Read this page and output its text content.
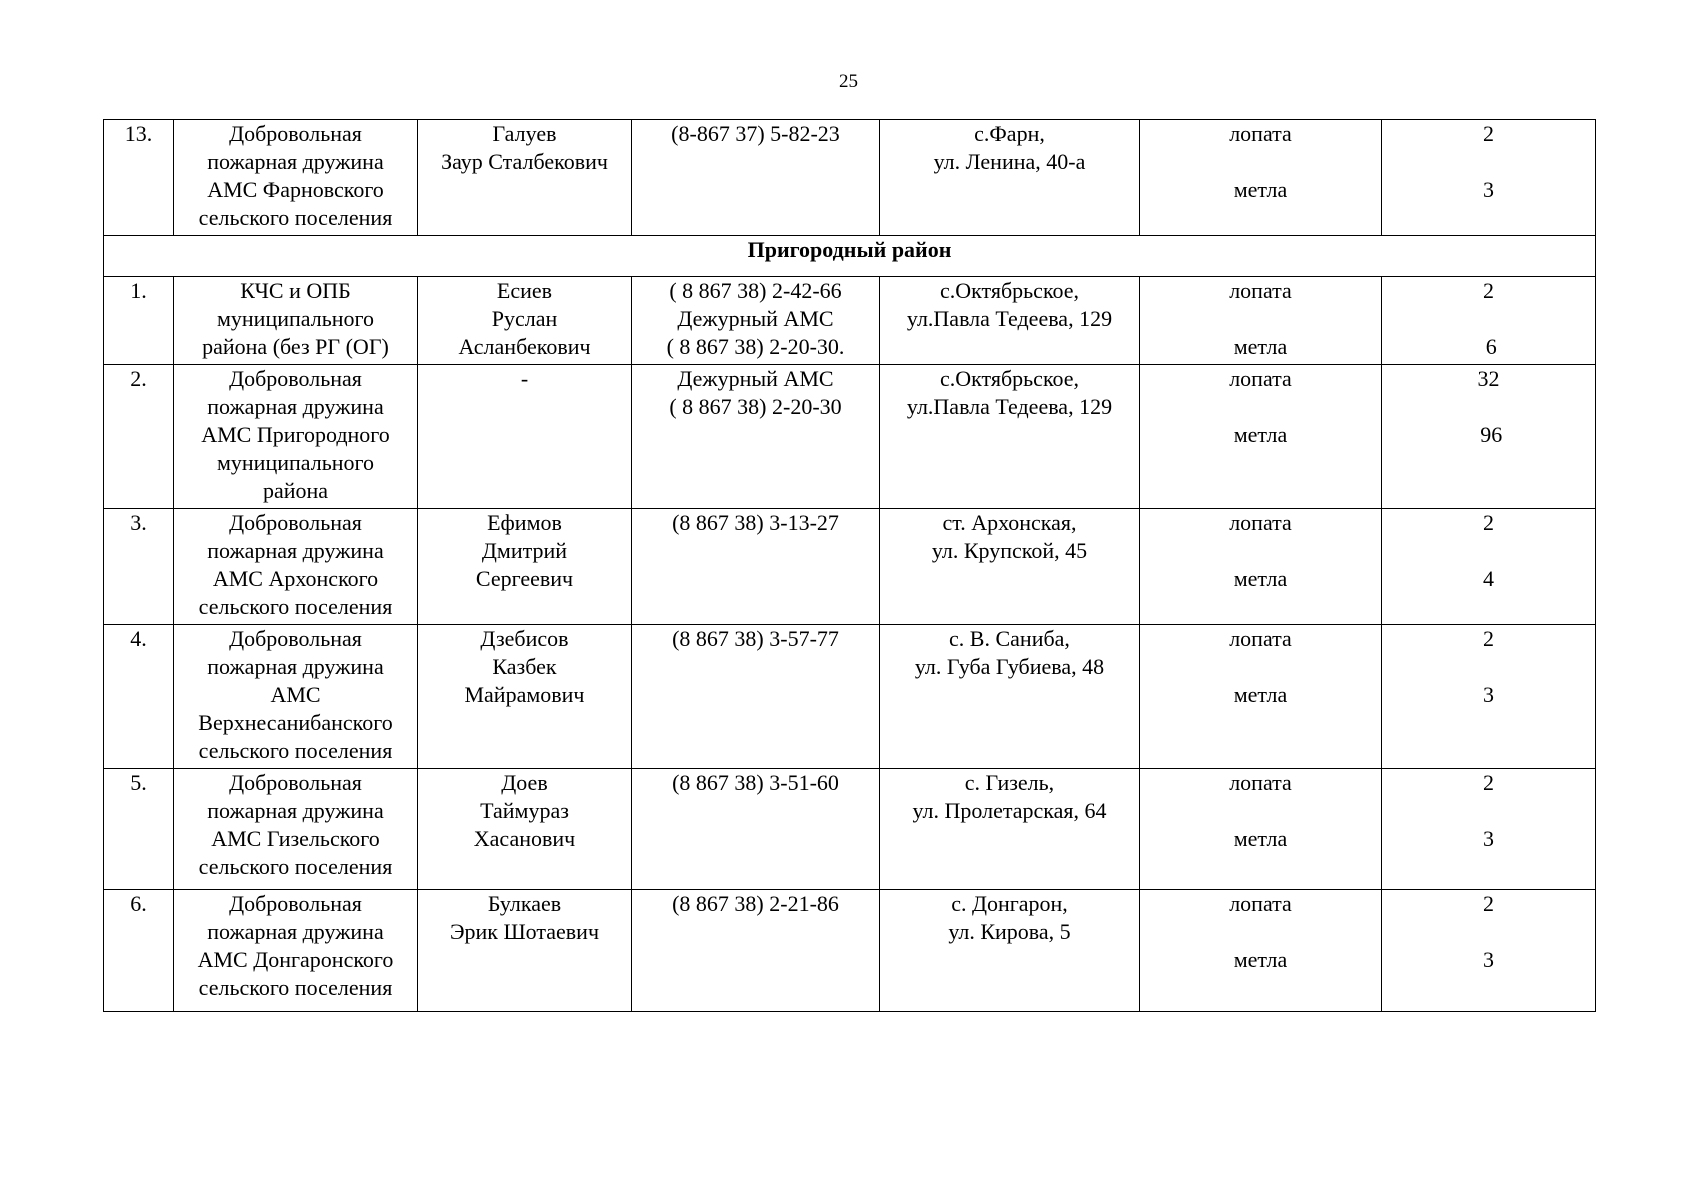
25
13.	Добровольная
пожарная дружина
АМС Фарновского
сельского поселения	Галуев
Заур Сталбекович	(8-867 37) 5-82-23	с.Фарн,
ул. Ленина, 40-а	лопата
метла	2
3

Пригородный район						
1.	КЧС и ОПБ
муниципального
района (без РГ (ОГ)	Есиев
Руслан
Асланбекович	( 8 867 38) 2-42-66
Дежурный АМС
( 8 867 38) 2-20-30.	с.Октябрьское,
ул.Павла Тедеева, 129	лопата
метла	2
6

2.	Добровольная
пожарная дружина
АМС Пригородного
муниципального
района	-	Дежурный АМС
( 8 867 38) 2-20-30	с.Октябрьское,
ул.Павла Тедеева, 129	лопата
метла	32
96

3.	Добровольная
пожарная дружина
АМС Архонского
сельского поселения	Ефимов
Дмитрий
Сергеевич	(8 867 38) 3-13-27	ст. Архонская,
ул. Крупской, 45	лопата
метла	2
4

4.	Добровольная
пожарная дружина
АМС
Верхнесанибанского
сельского поселения	Дзебисов
Казбек
Майрамович	(8 867 38) 3-57-77	с. В. Саниба,
ул. Губа Губиева, 48	лопата
метла	2
3

5.	Добровольная
пожарная дружина
АМС Гизельского
сельского поселения	Доев
Таймураз
Хасанович	(8 867 38) 3-51-60	с. Гизель,
ул. Пролетарская, 64	лопата
метла	2
3

6.	Добровольная
пожарная дружина
АМС Донгаронского
сельского поселения	Булкаев
Эрик Шотаевич	(8 867 38) 2-21-86	с. Донгарон,
ул. Кирова, 5	лопата
метла	2
3
